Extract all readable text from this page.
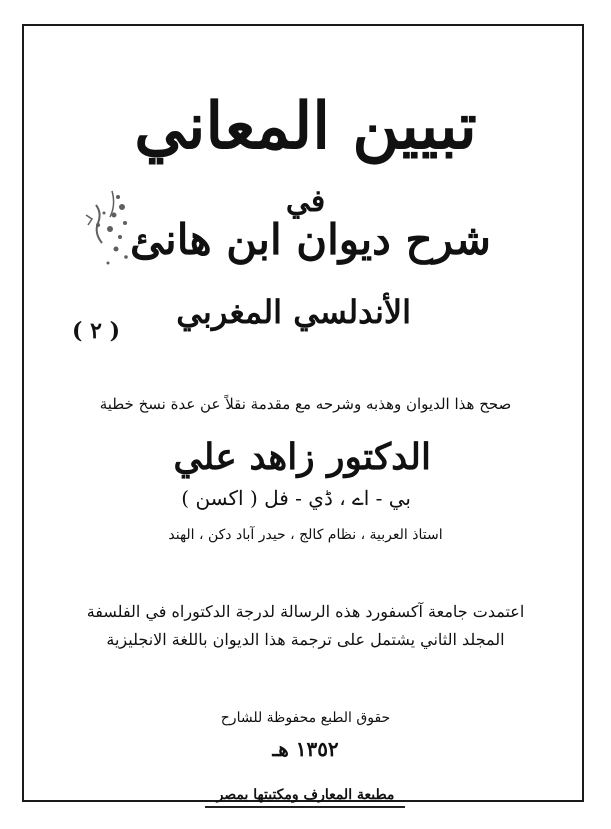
تبيين المعاني
في
شرح ديوان ابن هانئ
الأندلسي المغربي
( ٢ )
صحح هذا الديوان وهذبه وشرحه مع مقدمة نقلاً عن عدة نسخ خطية
الدكتور زاهد علي
بي - اے ، ڈي - فل ( اكسن )
استاذ العربية ، نظام كالج ، حيدر آباد دكن ، الهند
اعتمدت جامعة آكسفورد هذه الرسالة لدرجة الدكتوراه في الفلسفة
المجلد الثاني يشتمل على ترجمة هذا الديوان باللغة الانجليزية
حقوق الطبع محفوظة للشارح
١٣٥٢ هـ
مطبعة المعارف ومكتبتها بمصر
